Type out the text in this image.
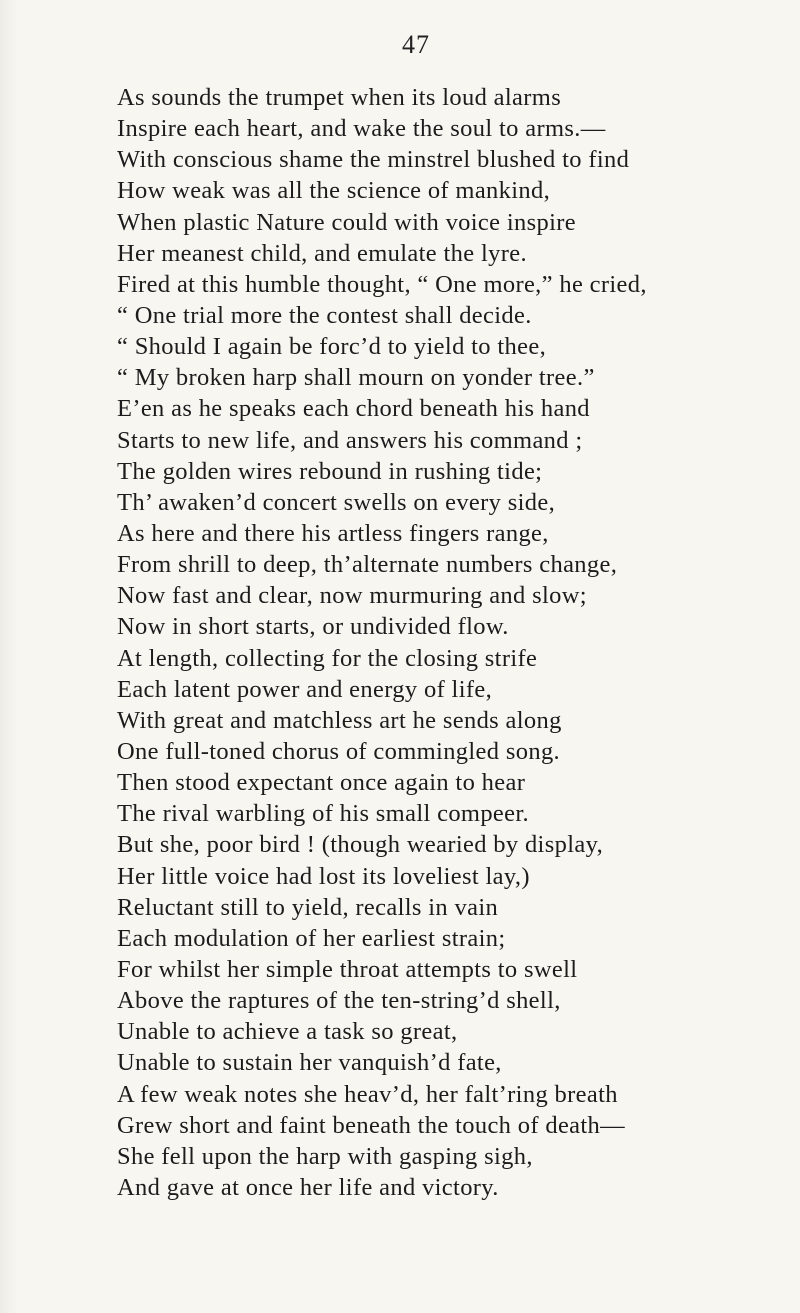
47
As sounds the trumpet when its loud alarms
Inspire each heart, and wake the soul to arms.—
With conscious shame the minstrel blushed to find
How weak was all the science of mankind,
When plastic Nature could with voice inspire
Her meanest child, and emulate the lyre.
Fired at this humble thought, “ One more,” he cried,
“ One trial more the contest shall decide.
“ Should I again be forc’d to yield to thee,
“ My broken harp shall mourn on yonder tree.”
E’en as he speaks each chord beneath his hand
Starts to new life, and answers his command ;
The golden wires rebound in rushing tide;
Th’ awaken’d concert swells on every side,
As here and there his artless fingers range,
From shrill to deep, th’alternate numbers change,
Now fast and clear, now murmuring and slow;
Now in short starts, or undivided flow.
At length, collecting for the closing strife
Each latent power and energy of life,
With great and matchless art he sends along
One full-toned chorus of commingled song.
Then stood expectant once again to hear
The rival warbling of his small compeer.
But she, poor bird ! (though wearied by display,
Her little voice had lost its loveliest lay,)
Reluctant still to yield, recalls in vain
Each modulation of her earliest strain;
For whilst her simple throat attempts to swell
Above the raptures of the ten-string’d shell,
Unable to achieve a task so great,
Unable to sustain her vanquish’d fate,
A few weak notes she heav’d, her falt’ring breath
Grew short and faint beneath the touch of death—
She fell upon the harp with gasping sigh,
And gave at once her life and victory.
